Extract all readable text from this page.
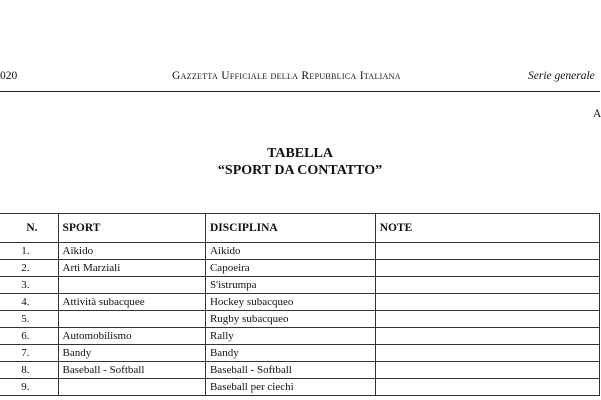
020	Gazzetta Ufficiale della Repubblica Italiana	Serie generale
A
TABELLA
“SPORT DA CONTATTO”
N.	SPORT	DISCIPLINA	NOTE
1.	Aikido	Aikido	
2.	Arti Marziali	Capoeira	
3.		S'istrumpa	
4.	Attività subacquee	Hockey subacqueo	
5.		Rugby subacqueo	
6.	Automobilismo	Rally	
7.	Bandy	Bandy	
8.	Baseball - Softball	Baseball - Softball	
9.		Baseball per ciechi	
